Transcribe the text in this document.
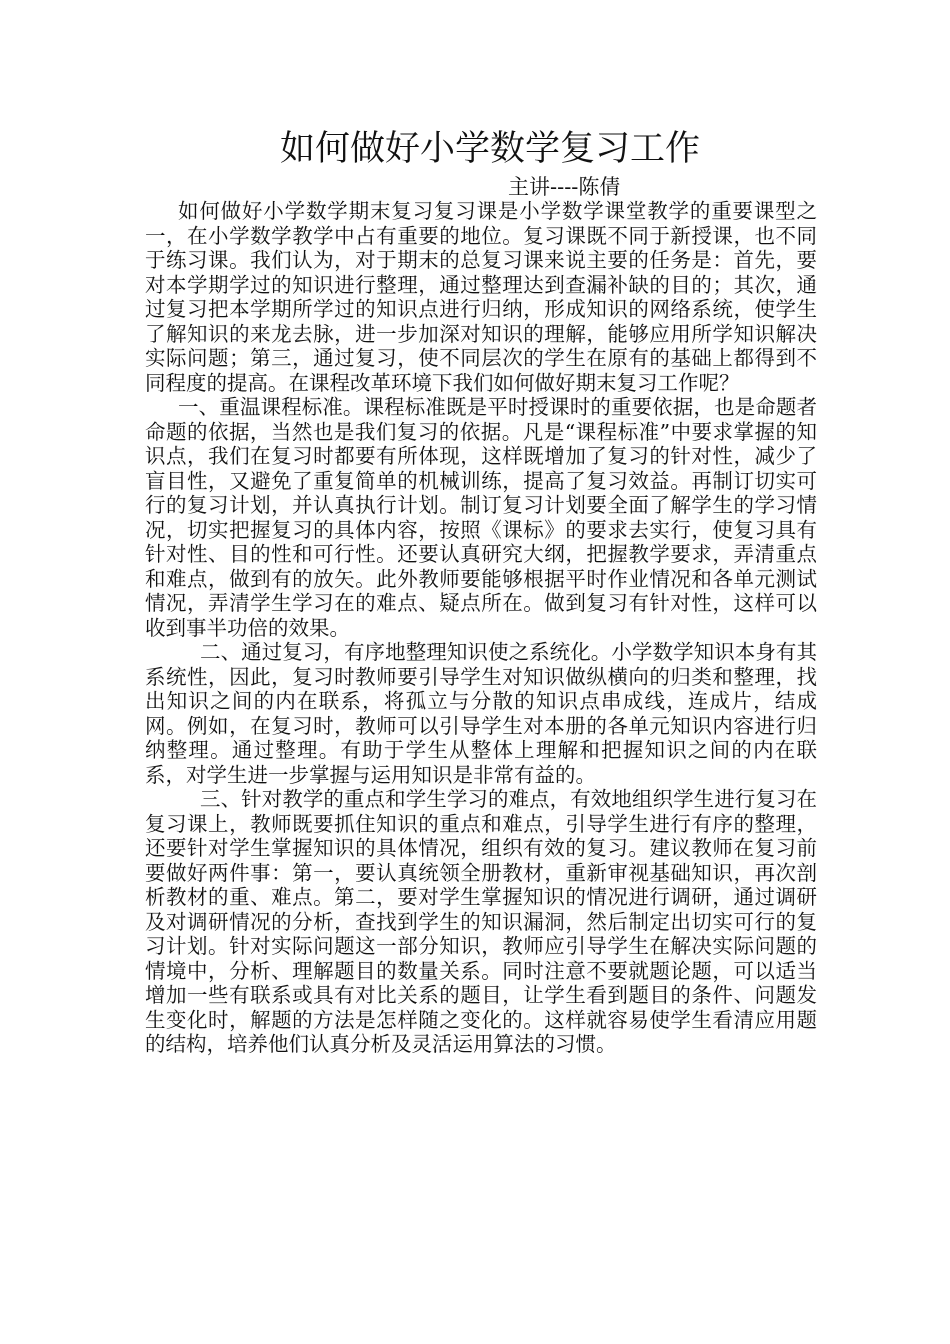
如何做好小学数学复习工作

主讲----陈倩

如何做好小学数学期末复习复习课是小学数学课堂教学的重要课型之一，在小学数学教学中占有重要的地位。复习课既不同于新授课，也不同于练习课。我们认为，对于期末的总复习课来说主要的任务是：首先，要对本学期学过的知识进行整理，通过整理达到查漏补缺的目的；其次，通过复习把本学期所学过的知识点进行归纳，形成知识的网络系统，使学生了解知识的来龙去脉，进一步加深对知识的理解，能够应用所学知识解决实际问题；第三，通过复习，使不同层次的学生在原有的基础上都得到不同程度的提高。在课程改革环境下我们如何做好期末复习工作呢？

一、重温课程标准。课程标准既是平时授课时的重要依据，也是命题者命题的依据，当然也是我们复习的依据。凡是“课程标准”中要求掌握的知识点，我们在复习时都要有所体现，这样既增加了复习的针对性，减少了盲目性，又避免了重复简单的机械训练，提高了复习效益。再制订切实可行的复习计划，并认真执行计划。制订复习计划要全面了解学生的学习情况，切实把握复习的具体内容，按照《课标》的要求去实行，使复习具有针对性、目的性和可行性。还要认真研究大纲，把握教学要求，弄清重点和难点，做到有的放矢。此外教师要能够根据平时作业情况和各单元测试情况，弄清学生学习在的难点、疑点所在。做到复习有针对性，这样可以收到事半功倍的效果。

二、通过复习，有序地整理知识使之系统化。小学数学知识本身有其系统性，因此，复习时教师要引导学生对知识做纵横向的归类和整理，找出知识之间的内在联系，将孤立与分散的知识点串成线，连成片，结成网。例如，在复习时，教师可以引导学生对本册的各单元知识内容进行归纳整理。通过整理。有助于学生从整体上理解和把握知识之间的内在联系，对学生进一步掌握与运用知识是非常有益的。

三、针对教学的重点和学生学习的难点，有效地组织学生进行复习在复习课上，教师既要抓住知识的重点和难点，引导学生进行有序的整理，还要针对学生掌握知识的具体情况，组织有效的复习。建议教师在复习前要做好两件事：第一，要认真统领全册教材，重新审视基础知识，再次剖析教材的重、难点。第二，要对学生掌握知识的情况进行调研，通过调研及对调研情况的分析，查找到学生的知识漏洞，然后制定出切实可行的复习计划。针对实际问题这一部分知识，教师应引导学生在解决实际问题的情境中，分析、理解题目的数量关系。同时注意不要就题论题，可以适当增加一些有联系或具有对比关系的题目，让学生看到题目的条件、问题发生变化时，解题的方法是怎样随之变化的。这样就容易使学生看清应用题的结构，培养他们认真分析及灵活运用算法的习惯。
